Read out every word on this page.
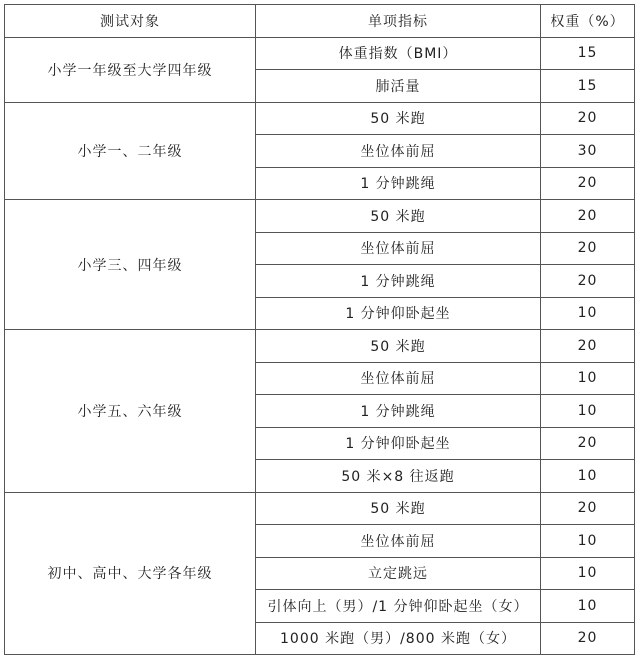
测试对象	单项指标	权重（%）
小学一年级至大学四年级	体重指数（BMI）	15
	肺活量	15
小学一、二年级	50 米跑	20
	坐位体前屈	30
	1 分钟跳绳	20
小学三、四年级	50 米跑	20
	坐位体前屈	20
	1 分钟跳绳	20
	1 分钟仰卧起坐	10
小学五、六年级	50 米跑	20
	坐位体前屈	10
	1 分钟跳绳	10
	1 分钟仰卧起坐	20
	50 米×8 往返跑	10
初中、高中、大学各年级	50 米跑	20
	坐位体前屈	10
	立定跳远	10
	引体向上（男）/1 分钟仰卧起坐（女）	10
	1000 米跑（男）/800 米跑（女）	20
